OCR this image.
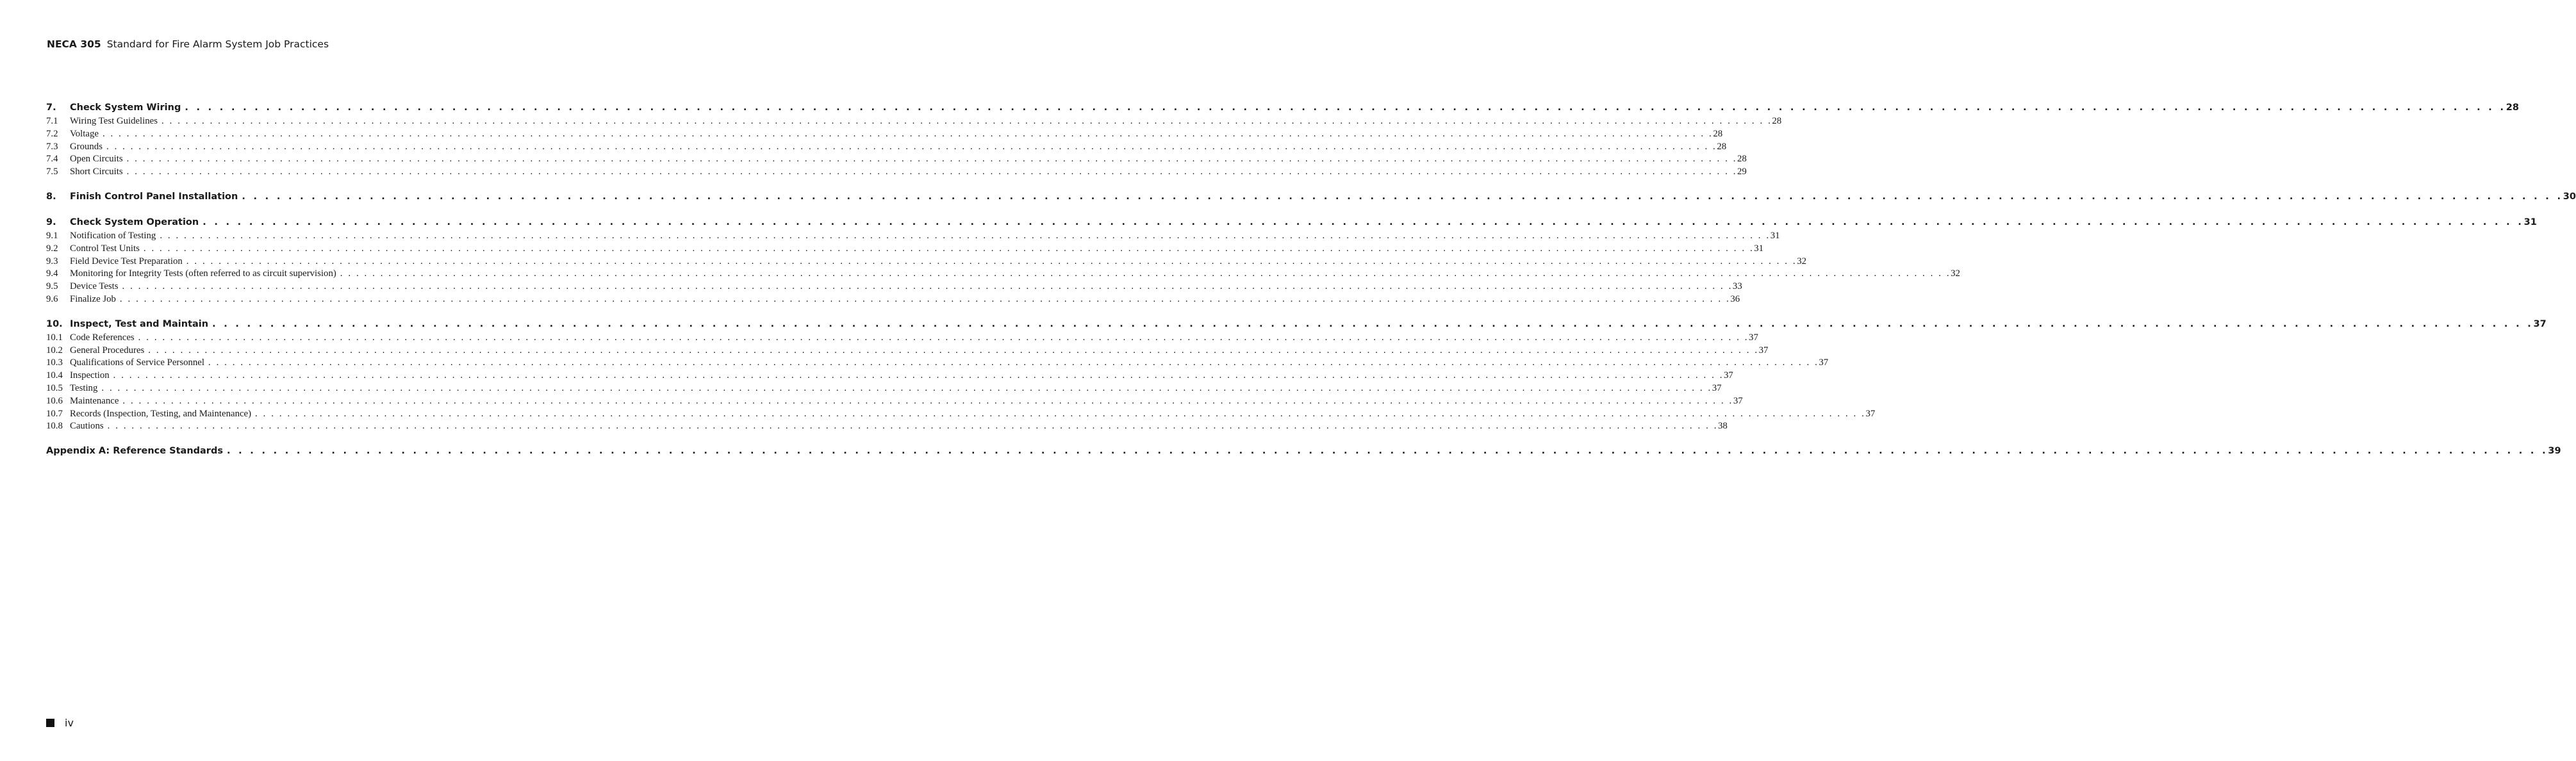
NECA 305 Standard for Fire Alarm System Job Practices
7.	Check System Wiring . . . . . . . . . . . . . . . . . . . . . . . . . . . . . . . . . . . . . . . . . . . . . . . . . . . . . . . . . . . . . . . . . . . . . . . . . . . . . . . . . . . . . . . . . . . . . . . . . . . . . . . . . . . . . . . . . . . . . . . . . . . . . . . . . . . . . . . . . . . . . . . . . . . . . . . . . . . . . . . . . . . . . . . . . . . . . . . . . . . . . . . . . . . . . . . . . . . . . . . . 28
7.1	Wiring Test Guidelines . . . . . . . . . . . . . . . . . . . . . . . . . . . . . . . . . . . . . . . . . . . . . . . . . . . . . . . . . . . . . . . . . . . . . . . . . . . . . . . . . . . . . . . . . . . . . . . . . . . . . . . . . . . . . . . . . . . . . . . . . . . . . . . . . . . . . . . . . . . . . . . . . . . . . . . . . . . . . . . . . . . . . . . . . . . . . . . . . . . . . . . . . . . . . . . . . . . . . . . . 28
7.2	Voltage . . . . . . . . . . . . . . . . . . . . . . . . . . . . . . . . . . . . . . . . . . . . . . . . . . . . . . . . . . . . . . . . . . . . . . . . . . . . . . . . . . . . . . . . . . . . . . . . . . . . . . . . . . . . . . . . . . . . . . . . . . . . . . . . . . . . . . . . . . . . . . . . . . . . . . . . . . . . . . . . . . . . . . . . . . . . . . . . . . . . . . . . . . . . . . . . . . . . . . . . 28
7.3	Grounds . . . . . . . . . . . . . . . . . . . . . . . . . . . . . . . . . . . . . . . . . . . . . . . . . . . . . . . . . . . . . . . . . . . . . . . . . . . . . . . . . . . . . . . . . . . . . . . . . . . . . . . . . . . . . . . . . . . . . . . . . . . . . . . . . . . . . . . . . . . . . . . . . . . . . . . . . . . . . . . . . . . . . . . . . . . . . . . . . . . . . . . . . . . . . . . . . . . . . . . . 28
7.4	Open Circuits . . . . . . . . . . . . . . . . . . . . . . . . . . . . . . . . . . . . . . . . . . . . . . . . . . . . . . . . . . . . . . . . . . . . . . . . . . . . . . . . . . . . . . . . . . . . . . . . . . . . . . . . . . . . . . . . . . . . . . . . . . . . . . . . . . . . . . . . . . . . . . . . . . . . . . . . . . . . . . . . . . . . . . . . . . . . . . . . . . . . . . . . . . . . . . . . . . . . . . . . 28
7.5	Short Circuits . . . . . . . . . . . . . . . . . . . . . . . . . . . . . . . . . . . . . . . . . . . . . . . . . . . . . . . . . . . . . . . . . . . . . . . . . . . . . . . . . . . . . . . . . . . . . . . . . . . . . . . . . . . . . . . . . . . . . . . . . . . . . . . . . . . . . . . . . . . . . . . . . . . . . . . . . . . . . . . . . . . . . . . . . . . . . . . . . . . . . . . . . . . . . . . . . . . . . . . . 29
8.	Finish Control Panel Installation . . . . . . . . . . . . . . . . . . . . . . . . . . . . . . . . . . . . . . . . . . . . . . . . . . . . . . . . . . . . . . . . . . . . . . . . . . . . . . . . . . . . . . . . . . . . . . . . . . . . . . . . . . . . . . . . . . . . . . . . . . . . . . . . . . . . . . . . . . . . . . . . . . . . . . . . . . . . . . . . . . . . . . . . . . . . . . . . . . . . . . . . . . . . . . . . . . . . . . . . 30
9.	Check System Operation . . . . . . . . . . . . . . . . . . . . . . . . . . . . . . . . . . . . . . . . . . . . . . . . . . . . . . . . . . . . . . . . . . . . . . . . . . . . . . . . . . . . . . . . . . . . . . . . . . . . . . . . . . . . . . . . . . . . . . . . . . . . . . . . . . . . . . . . . . . . . . . . . . . . . . . . . . . . . . . . . . . . . . . . . . . . . . . . . . . . . . . . . . . . . . . . . . . . . . . . 31
9.1	Notification of Testing . . . . . . . . . . . . . . . . . . . . . . . . . . . . . . . . . . . . . . . . . . . . . . . . . . . . . . . . . . . . . . . . . . . . . . . . . . . . . . . . . . . . . . . . . . . . . . . . . . . . . . . . . . . . . . . . . . . . . . . . . . . . . . . . . . . . . . . . . . . . . . . . . . . . . . . . . . . . . . . . . . . . . . . . . . . . . . . . . . . . . . . . . . . . . . . . . . . . . . . . 31
9.2	Control Test Units . . . . . . . . . . . . . . . . . . . . . . . . . . . . . . . . . . . . . . . . . . . . . . . . . . . . . . . . . . . . . . . . . . . . . . . . . . . . . . . . . . . . . . . . . . . . . . . . . . . . . . . . . . . . . . . . . . . . . . . . . . . . . . . . . . . . . . . . . . . . . . . . . . . . . . . . . . . . . . . . . . . . . . . . . . . . . . . . . . . . . . . . . . . . . . . . . . . . . . . . 31
9.3	Field Device Test Preparation . . . . . . . . . . . . . . . . . . . . . . . . . . . . . . . . . . . . . . . . . . . . . . . . . . . . . . . . . . . . . . . . . . . . . . . . . . . . . . . . . . . . . . . . . . . . . . . . . . . . . . . . . . . . . . . . . . . . . . . . . . . . . . . . . . . . . . . . . . . . . . . . . . . . . . . . . . . . . . . . . . . . . . . . . . . . . . . . . . . . . . . . . . . . . . . . . . . . . . . . 32
9.4	Monitoring for Integrity Tests (often referred to as circuit supervision) . . . . . . . . . . . . . . . . . . . . . . . . . . . . . . . . . . . . . . . . . . . . . . . . . . . . . . . . . . . . . . . . . . . . . . . . . . . . . . . . . . . . . . . . . . . . . . . . . . . . . . . . . . . . . . . . . . . . . . . . . . . . . . . . . . . . . . . . . . . . . . . . . . . . . . . . . . . . . . . . . . . . . . . . . . . . . . . . . . . . . . . . . . . . . . . . . . . . . . . . 32
9.5	Device Tests . . . . . . . . . . . . . . . . . . . . . . . . . . . . . . . . . . . . . . . . . . . . . . . . . . . . . . . . . . . . . . . . . . . . . . . . . . . . . . . . . . . . . . . . . . . . . . . . . . . . . . . . . . . . . . . . . . . . . . . . . . . . . . . . . . . . . . . . . . . . . . . . . . . . . . . . . . . . . . . . . . . . . . . . . . . . . . . . . . . . . . . . . . . . . . . . . . . . . . . . 33
9.6	Finalize Job . . . . . . . . . . . . . . . . . . . . . . . . . . . . . . . . . . . . . . . . . . . . . . . . . . . . . . . . . . . . . . . . . . . . . . . . . . . . . . . . . . . . . . . . . . . . . . . . . . . . . . . . . . . . . . . . . . . . . . . . . . . . . . . . . . . . . . . . . . . . . . . . . . . . . . . . . . . . . . . . . . . . . . . . . . . . . . . . . . . . . . . . . . . . . . . . . . . . . . . . 36
10. Inspect, Test and Maintain . . . . . . . . . . . . . . . . . . . . . . . . . . . . . . . . . . . . . . . . . . . . . . . . . . . . . . . . . . . . . . . . . . . . . . . . . . . . . . . . . . . . . . . . . . . . . . . . . . . . . . . . . . . . . . . . . . . . . . . . . . . . . . . . . . . . . . . . . . . . . . . . . . . . . . . . . . . . . . . . . . . . . . . . . . . . . . . . . . . . . . . . . . . . . . . . . . . . . . . . 37
10.1 Code References . . . . . . . . . . . . . . . . . . . . . . . . . . . . . . . . . . . . . . . . . . . . . . . . . . . . . . . . . . . . . . . . . . . . . . . . . . . . . . . . . . . . . . . . . . . . . . . . . . . . . . . . . . . . . . . . . . . . . . . . . . . . . . . . . . . . . . . . . . . . . . . . . . . . . . . . . . . . . . . . . . . . . . . . . . . . . . . . . . . . . . . . . . . . . . . . . . . . . . . . 37
10.2 General Procedures . . . . . . . . . . . . . . . . . . . . . . . . . . . . . . . . . . . . . . . . . . . . . . . . . . . . . . . . . . . . . . . . . . . . . . . . . . . . . . . . . . . . . . . . . . . . . . . . . . . . . . . . . . . . . . . . . . . . . . . . . . . . . . . . . . . . . . . . . . . . . . . . . . . . . . . . . . . . . . . . . . . . . . . . . . . . . . . . . . . . . . . . . . . . . . . . . . . . . . . . 37
10.3 Qualifications of Service Personnel . . . . . . . . . . . . . . . . . . . . . . . . . . . . . . . . . . . . . . . . . . . . . . . . . . . . . . . . . . . . . . . . . . . . . . . . . . . . . . . . . . . . . . . . . . . . . . . . . . . . . . . . . . . . . . . . . . . . . . . . . . . . . . . . . . . . . . . . . . . . . . . . . . . . . . . . . . . . . . . . . . . . . . . . . . . . . . . . . . . . . . . . . . . . . . . . . . . . . . . . 37
10.4 Inspection . . . . . . . . . . . . . . . . . . . . . . . . . . . . . . . . . . . . . . . . . . . . . . . . . . . . . . . . . . . . . . . . . . . . . . . . . . . . . . . . . . . . . . . . . . . . . . . . . . . . . . . . . . . . . . . . . . . . . . . . . . . . . . . . . . . . . . . . . . . . . . . . . . . . . . . . . . . . . . . . . . . . . . . . . . . . . . . . . . . . . . . . . . . . . . . . . . . . . . . . 37
10.5 Testing . . . . . . . . . . . . . . . . . . . . . . . . . . . . . . . . . . . . . . . . . . . . . . . . . . . . . . . . . . . . . . . . . . . . . . . . . . . . . . . . . . . . . . . . . . . . . . . . . . . . . . . . . . . . . . . . . . . . . . . . . . . . . . . . . . . . . . . . . . . . . . . . . . . . . . . . . . . . . . . . . . . . . . . . . . . . . . . . . . . . . . . . . . . . . . . . . . . . . . . . 37
10.6 Maintenance . . . . . . . . . . . . . . . . . . . . . . . . . . . . . . . . . . . . . . . . . . . . . . . . . . . . . . . . . . . . . . . . . . . . . . . . . . . . . . . . . . . . . . . . . . . . . . . . . . . . . . . . . . . . . . . . . . . . . . . . . . . . . . . . . . . . . . . . . . . . . . . . . . . . . . . . . . . . . . . . . . . . . . . . . . . . . . . . . . . . . . . . . . . . . . . . . . . . . . . . 37
10.7 Records (Inspection, Testing, and Maintenance) . . . . . . . . . . . . . . . . . . . . . . . . . . . . . . . . . . . . . . . . . . . . . . . . . . . . . . . . . . . . . . . . . . . . . . . . . . . . . . . . . . . . . . . . . . . . . . . . . . . . . . . . . . . . . . . . . . . . . . . . . . . . . . . . . . . . . . . . . . . . . . . . . . . . . . . . . . . . . . . . . . . . . . . . . . . . . . . . . . . . . . . . . . . . . . . . . . . . . . . . 37
10.8 Cautions . . . . . . . . . . . . . . . . . . . . . . . . . . . . . . . . . . . . . . . . . . . . . . . . . . . . . . . . . . . . . . . . . . . . . . . . . . . . . . . . . . . . . . . . . . . . . . . . . . . . . . . . . . . . . . . . . . . . . . . . . . . . . . . . . . . . . . . . . . . . . . . . . . . . . . . . . . . . . . . . . . . . . . . . . . . . . . . . . . . . . . . . . . . . . . . . . . . . . . . . 38
Appendix A: Reference Standards . . . . . . . . . . . . . . . . . . . . . . . . . . . . . . . . . . . . . . . . . . . . . . . . . . . . . . . . . . . . . . . . . . . . . . . . . . . . . . . . . . . . . . . . . . . . . . . . . . . . . . . . . . . . . . . . . . . . . . . . . . . . . . . . . . . . . . . . . . . . . . . . . . . . . . . . . . . . . . . . . . . . . . . . . . . . . . . . . . . . . . . . . . . . . . . . . . . . . . . . 39
iv
